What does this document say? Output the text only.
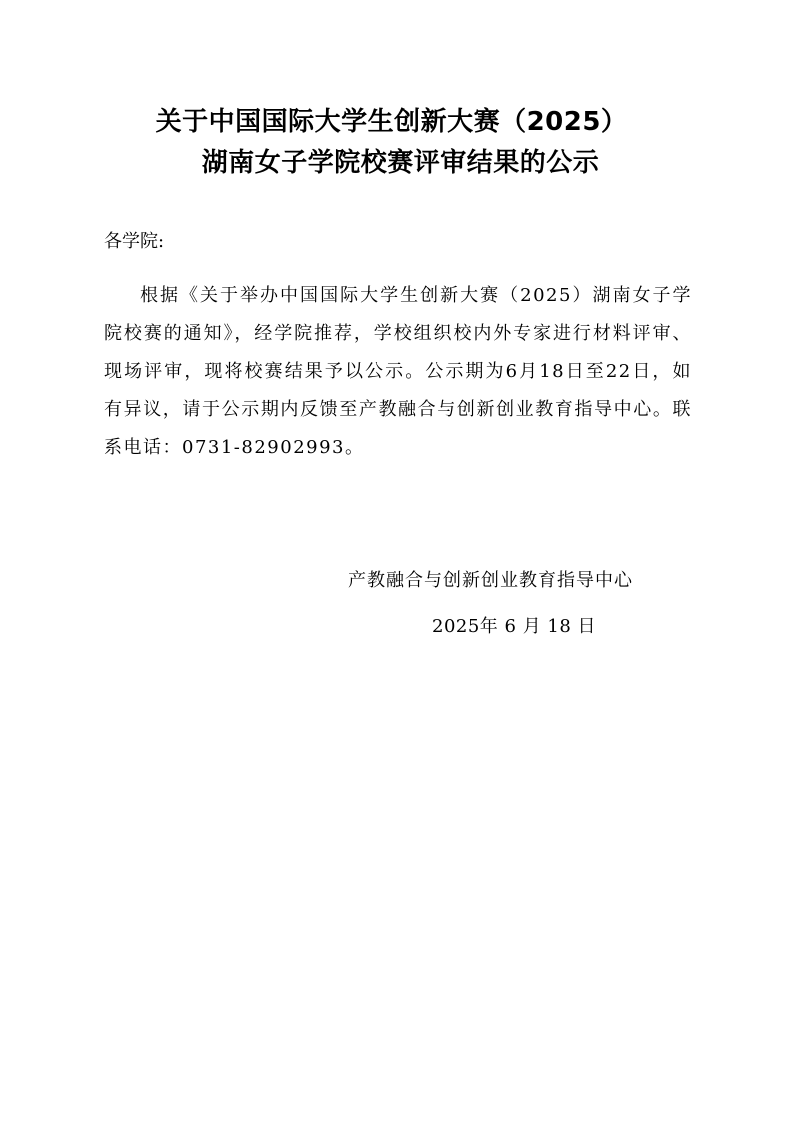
关于中国国际大学生创新大赛（2025）
湖南女子学院校赛评审结果的公示
各学院:

根据《关于举办中国国际大学生创新大赛（2025）湖南女子学院校赛的通知》，经学院推荐，学校组织校内外专家进行材料评审、现场评审，现将校赛结果予以公示。公示期为6月18日至22日，如有异议，请于公示期内反馈至产教融合与创新创业教育指导中心。联系电话：0731-82902993。

产教融合与创新创业教育指导中心
2025年 6 月 18 日
